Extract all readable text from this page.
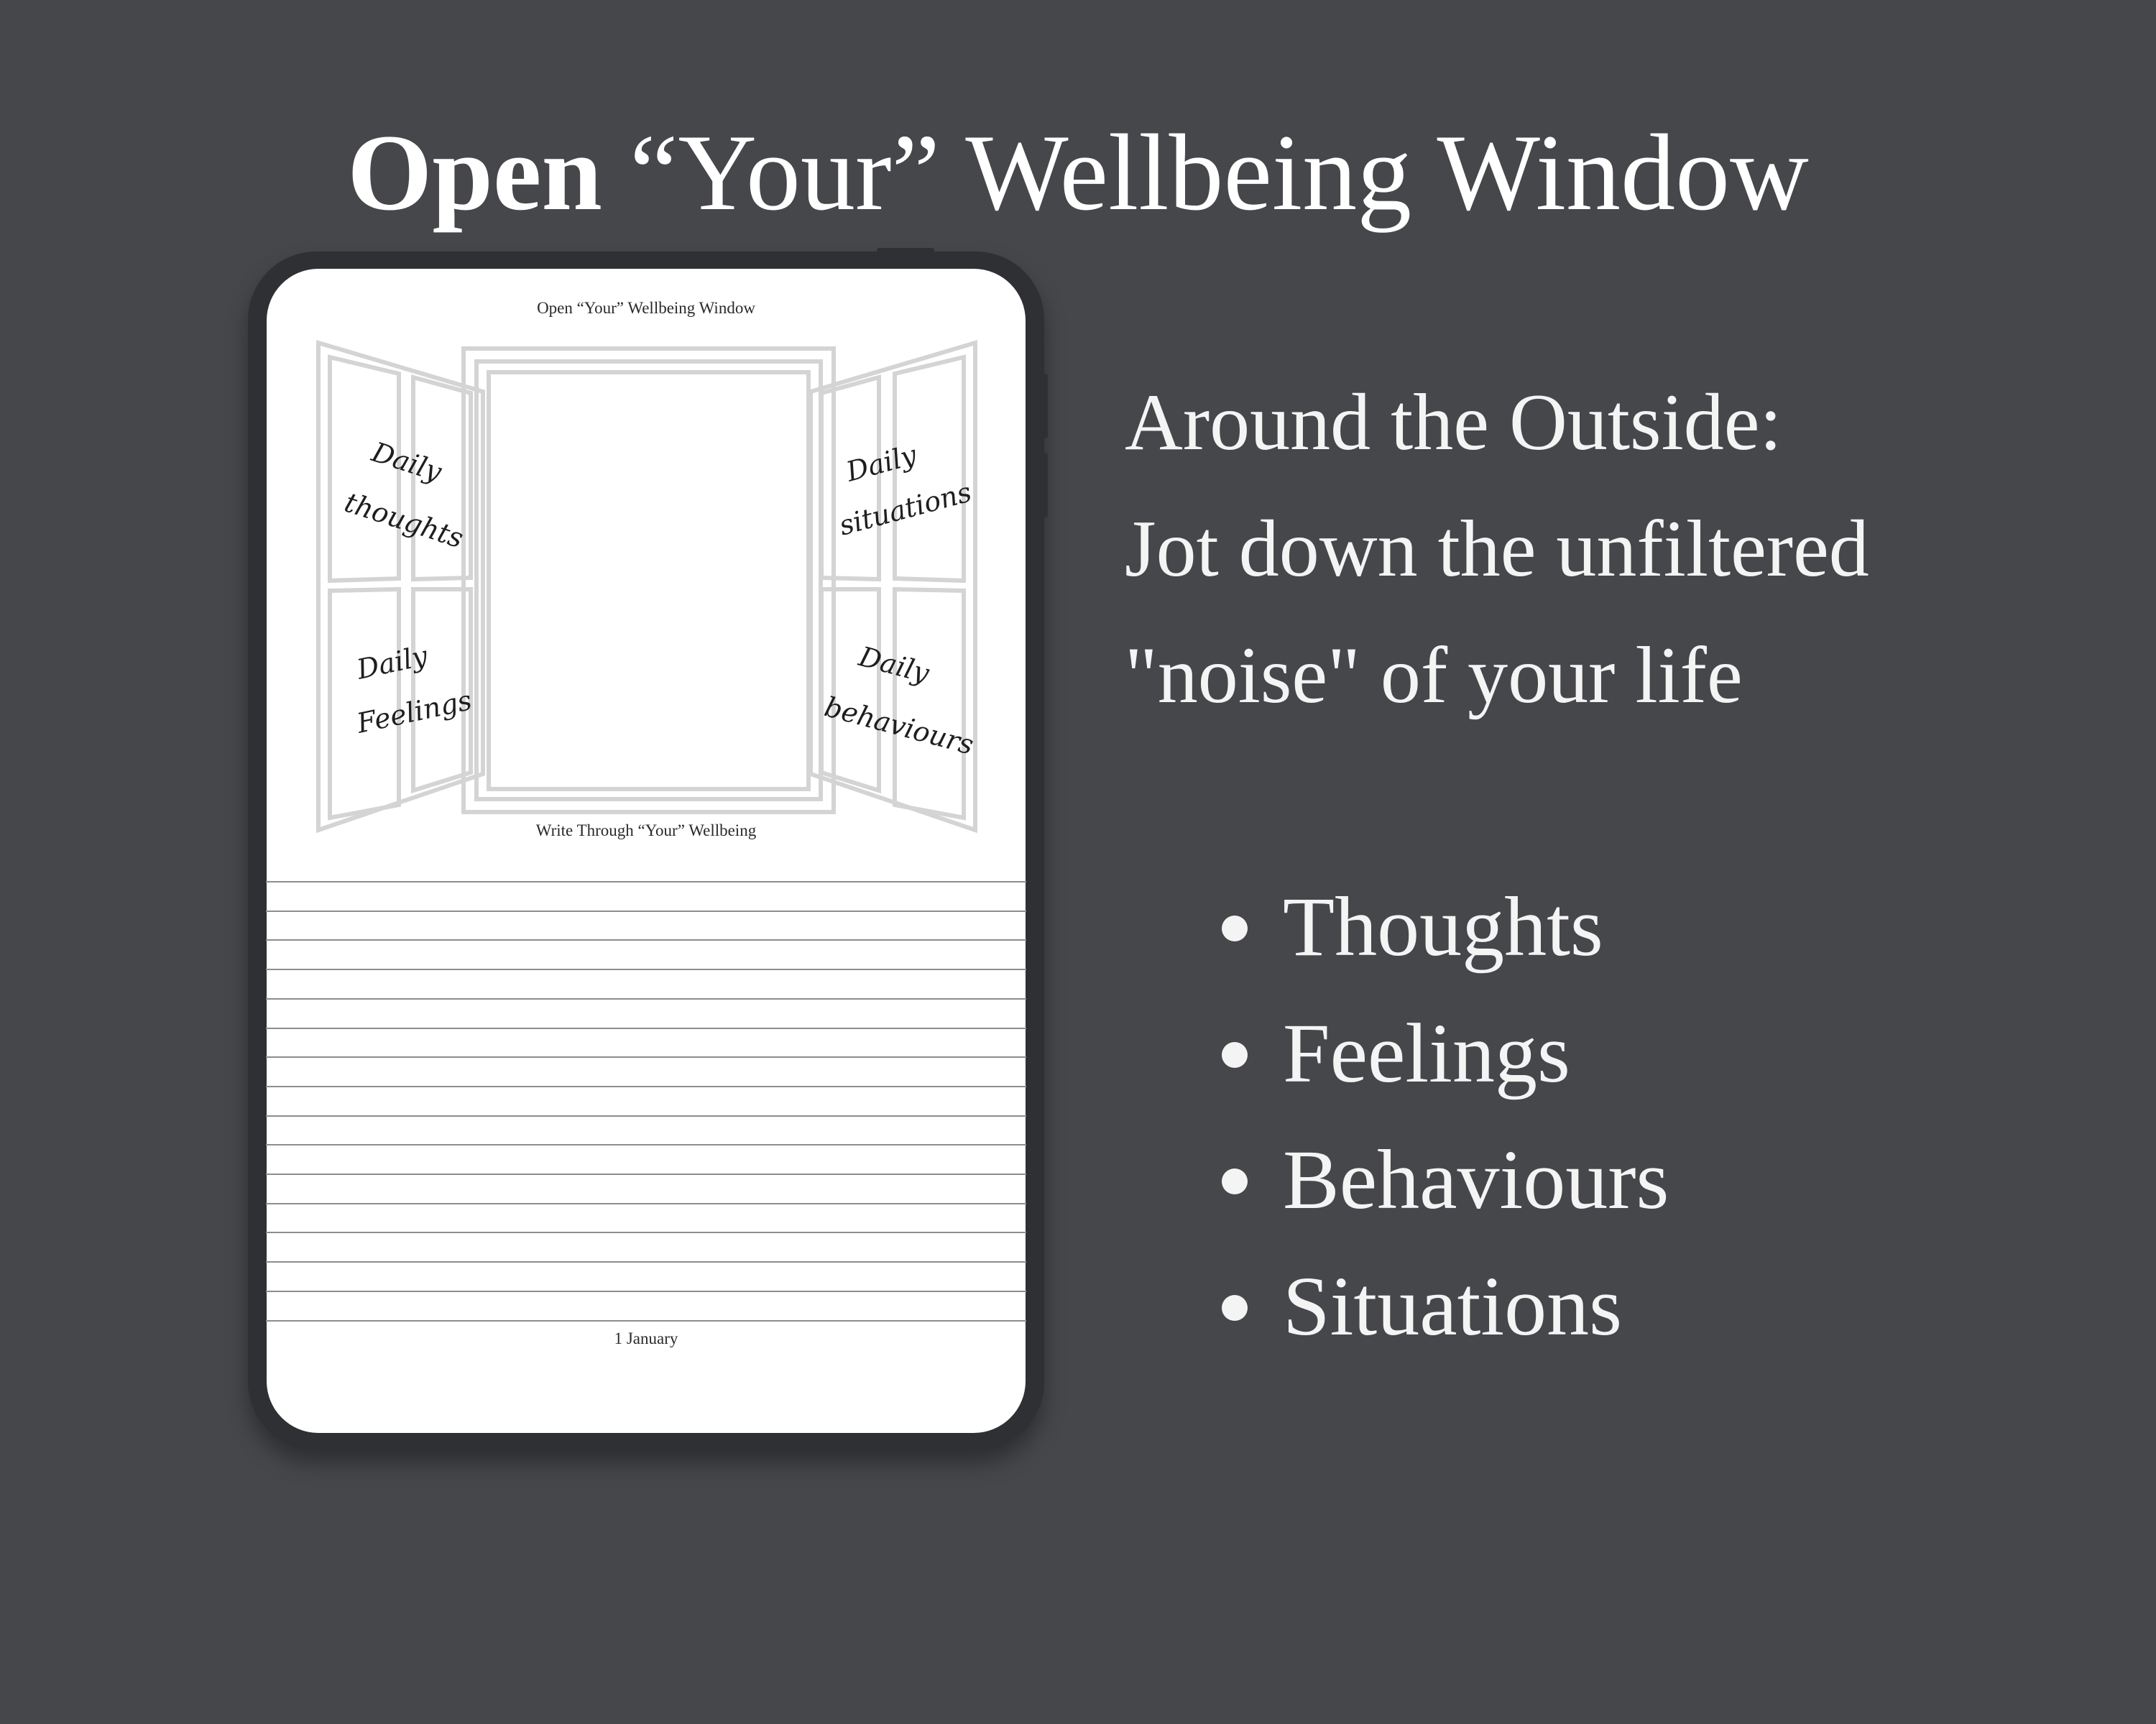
Open “Your” Wellbeing Window
Open “Your” Wellbeing Window
Daily
thoughts
Daily
Feelings
Daily
situations
Daily
behaviours
Write Through “Your” Wellbeing
1 January
Around the Outside:
Jot down the unfiltered
"noise" of your life
Thoughts
Feelings
Behaviours
Situations
